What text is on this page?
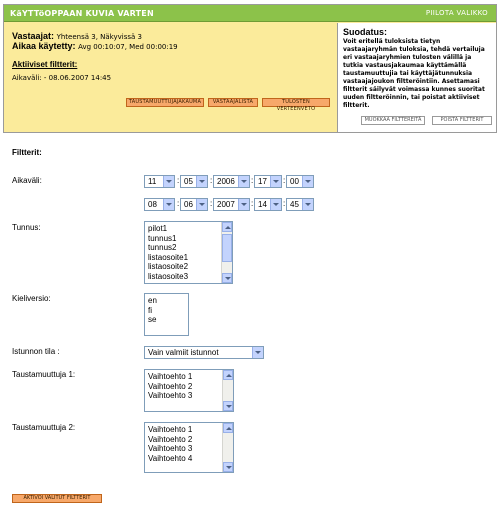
KäYTTöOPPAAN KUVIA VARTEN	PIILOTA VALIKKO
Vastaajat: Yhteensä 3, Näkyvissä 3
Aikaa käytetty: Avg 00:10:07, Med 00:00:19
Aktiiviset filtterit:
Aikaväli: - 08.06.2007 14:45
TAUSTAMUUTTUJAJAKAUMA	VASTAAJALISTA	TULOSTEN VERTEENVETO
Suodatus:
Voit eritellä tuloksista tietyn vastaajaryhmän tuloksia, tehdä vertailuja eri vastaajaryhmien tulosten välillä ja tutkia vastausjakaumaa käyttämällä taustamuuttujia tai käyttäjätunnuksia vastaajajoukon filtteröintiin. Asettamasi filtterit säilyvät voimassa kunnes suoritat uuden filtteröinnin, tai poistat aktiiviset filtterit.
MUOKKAA FILTTEREITÄ	POISTA FILTTERIT
Filtterit:
Aikaväli:	11	: 05 : 2006 : 17 : 00
08	: 06 : 2007 : 14 : 45
Tunnus:	pilot1
tunnus1
tunnus2
listaosoite1
listaosoite2
listaosoite3
Kieliversio:	en
fi
se
Istunnon tila :	Vain valmiit istunnot
Taustamuuttuja 1:	Vaihtoehto 1
Vaihtoehto 2
Vaihtoehto 3
Taustamuuttuja 2:	Vaihtoehto 1
Vaihtoehto 2
Vaihtoehto 3
Vaihtoehto 4
AKTIVOI VALITUT FILTTERIT
